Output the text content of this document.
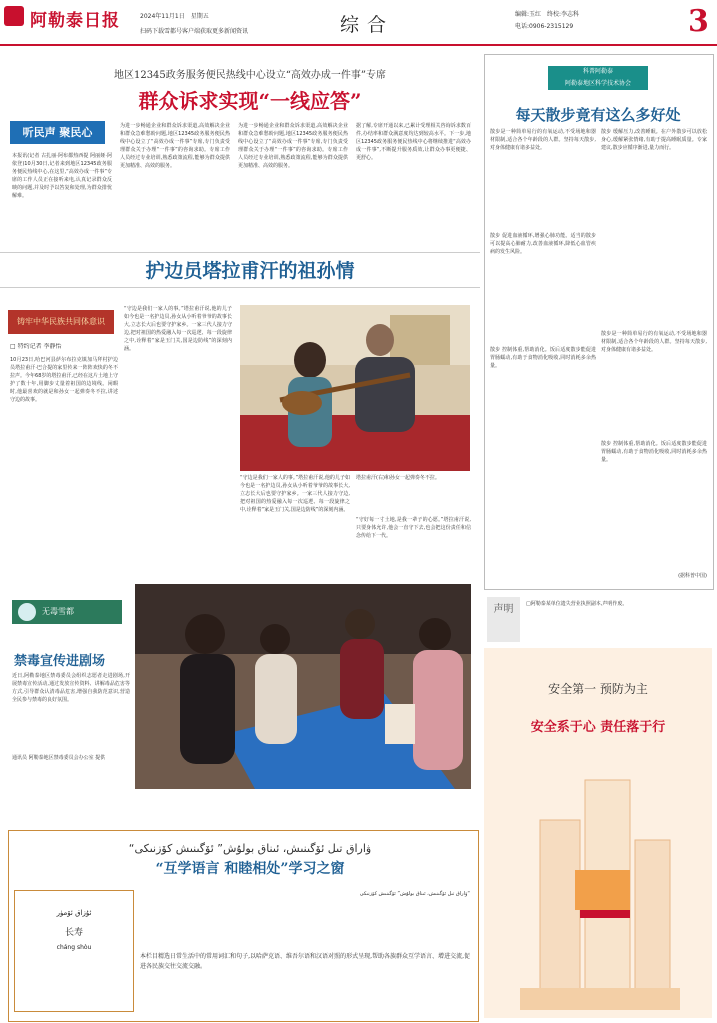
阿勒泰日报	2024年11月1日　星期五
扫码下载雪都号客户端获取更多新闻资讯	综合	编辑:玉红　终校:李志科
电话:0906-2315129	3
地区12345政务服务便民热线中心设立“高效办成一件事”专席
群众诉求实现“一线应答”
听民声 聚民心
本报讯(记者 古扎丽·阿布都热西提 阿丽娅·阿依登)10月30日,记者来到地区12345政务服务便民热线中心,在这里,“高效办成一件事”专席的工作人员正在接听来电,认真记录群众反映的问题,并及时予以答复和处理,为群众排忧解难。
为进一步畅通企业和群众诉求渠道,高效解决企业和群众急难愁盼问题,地区12345政务服务便民热线中心设立了“高效办成一件事”专席,专门负责受理群众关于办理“一件事”的咨询求助。专席工作人员经过专业培训,熟悉政策流程,能够为群众提供更加精准、高效的服务。
为进一步畅通企业和群众诉求渠道,高效解决企业和群众急难愁盼问题,地区12345政务服务便民热线中心设立了“高效办成一件事”专席,专门负责受理群众关于办理“一件事”的咨询求助。专席工作人员经过专业培训,熟悉政策流程,能够为群众提供更加精准、高效的服务。
据了解,专席开通以来,已累计受理相关咨询诉求数百件,办结率和群众满意度均达到较高水平。下一步,地区12345政务服务便民热线中心将继续推进“高效办成一件事”,不断提升服务质效,让群众办事更便捷、更舒心。
护边员塔拉甫汗的祖孙情
铸牢中华民族共同体意识
□ 特约记者 李静怡
10月23日,哈巴河县萨尔布拉克镇加马拜村护边员塔拉甫汗·巴合提的家里传来一阵阵欢快的冬不拉声。今年68岁的塔拉甫汗,已经在这片土地上守护了数十年,用脚步丈量着祖国的边境线。闲暇时,他最喜欢的就是和孙女一起弹奏冬不拉,讲述守边的故事。
“守边是我们一家人的事。”塔拉甫汗说,他的儿子如今也是一名护边员,孙女从小听着爷爷的故事长大,立志长大后也要守护家乡。一家三代人接力守边,把对祖国的热爱融入每一次巡逻、每一段旋律之中,诠释着“家是玉门关,国是边防线”的深刻内涵。
“守边是我们一家人的事。”塔拉甫汗说,他的儿子如今也是一名护边员,孙女从小听着爷爷的故事长大,立志长大后也要守护家乡。一家三代人接力守边,把对祖国的热爱融入每一次巡逻、每一段旋律之中,诠释着“家是玉门关,国是边防线”的深刻内涵。
塔拉甫汗(右)和孙女一起弹奏冬不拉。
“守好每一寸土地,是我一辈子的心愿。”塔拉甫汗说,只要身体允许,他会一直守下去,也会把这份责任和信念传给下一代。
无毒雪都
禁毒宣传进剧场
近日,阿勒泰地区禁毒委员会组织志愿者走进剧场,开展禁毒宣传活动,通过发放宣传资料、讲解毒品危害等方式,引导群众认清毒品危害,增强自我防范意识,营造全民参与禁毒的良好氛围。
通讯员 阿勒泰地区禁毒委员会办公室 提供
科普阿勒泰
阿勒泰地区科学技术协会
每天散步竟有这么多好处
散步是一种简单易行的有氧运动,不受场地和器材限制,适合各个年龄段的人群。坚持每天散步,对身体健康有诸多益处。
散步 促进血液循环,增强心肺功能。适当的散步可以提高心肺耐力,改善血液循环,降低心血管疾病的发生风险。
散步 控制体重,帮助消化。饭后适度散步能促进胃肠蠕动,有助于食物消化吸收,同时消耗多余热量。
散步 缓解压力,改善睡眠。在户外散步可以放松身心,缓解紧张情绪,有助于提高睡眠质量。专家建议,散步应循序渐进,量力而行。
散步是一种简单易行的有氧运动,不受场地和器材限制,适合各个年龄段的人群。坚持每天散步,对身体健康有诸多益处。
散步 控制体重,帮助消化。饭后适度散步能促进胃肠蠕动,有助于食物消化吸收,同时消耗多余热量。
(据科普中国)
声明	□阿勒泰某单位遗失营业执照副本,声明作废。
安全第一 预防为主
安全系于心 责任落于行
“ۋاراق تىل ئۆگىنىش، ئىناق بولۇش” ئۆگىنىش كۆزنىكى
“互学语言 和睦相处”学习之窗
ئۇزاق ئۆمۈر
长寿
cháng shòu
“ۋاراق تىل ئۆگىنىش، ئىناق بولۇش” ئۆگىنىش كۆزنىكى
本栏目精选日常生活中的常用词汇和句子,以哈萨克语、维吾尔语和汉语对照的形式呈现,帮助各族群众互学语言、增进交流,促进各民族交往交流交融。
